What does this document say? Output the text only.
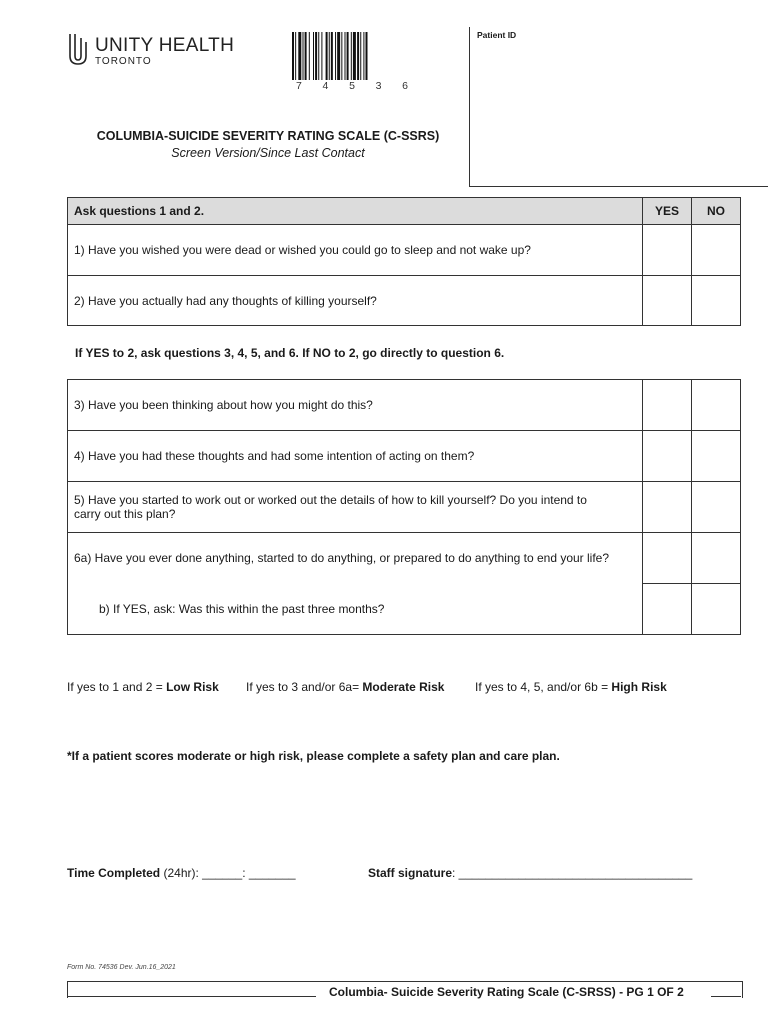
UNITY HEALTH
TORONTO
7 4 5 3 6
Patient ID
COLUMBIA-SUICIDE SEVERITY RATING SCALE (C-SSRS)
Screen Version/Since Last Contact
Ask questions 1 and 2.	YES	NO
1) Have you wished you were dead or wished you could go to sleep and not wake up?		
2) Have you actually had any thoughts of killing yourself?		
If YES to 2, ask questions 3, 4, 5, and 6. If NO to 2, go directly to question 6.
3) Have you been thinking about how you might do this?		
4) Have you had these thoughts and had some intention of acting on them?		
5) Have you started to work out or worked out the details of how to kill yourself? Do you intend to carry out this plan?		
6a) Have you ever done anything, started to do anything, or prepared to do anything to end your life?		
b) If YES, ask: Was this within the past three months?		
If yes to 1 and 2 = Low Risk If yes to 3 and/or 6a= Moderate Risk	If yes to 4, 5, and/or 6b = High Risk
*If a patient scores moderate or high risk, please complete a safety plan and care plan.
Time Completed (24hr): ______: _______	Staff signature: ___________________________________
Form No. 74536 Dev. Jun.16_2021
Columbia- Suicide Severity Rating Scale (C-SRSS) - PG 1 OF 2
